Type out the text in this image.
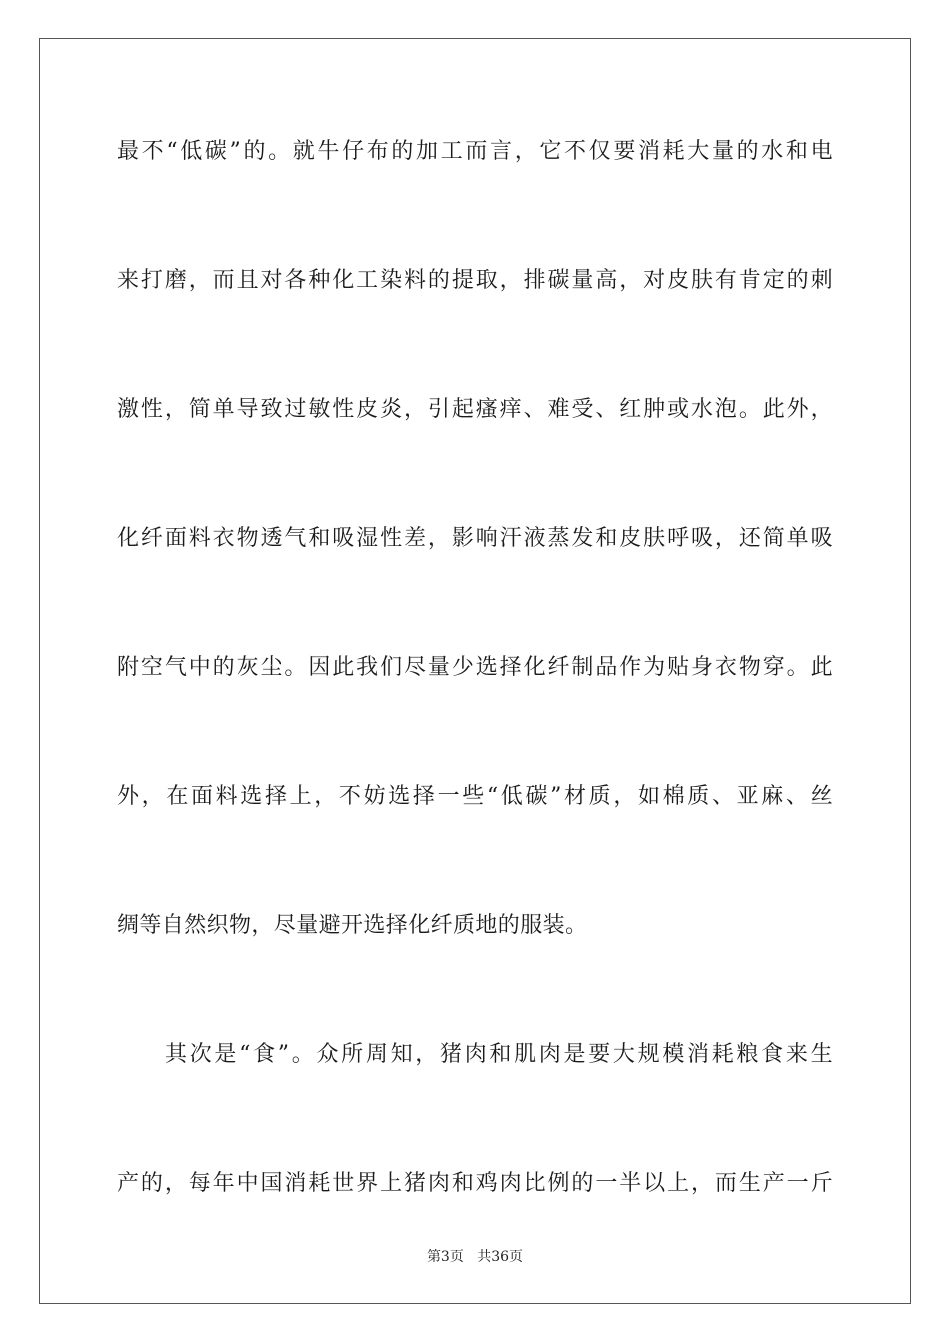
最不“低碳”的。就牛仔布的加工而言，它不仅要消耗大量的水和电
来打磨，而且对各种化工染料的提取，排碳量高，对皮肤有肯定的刺
激性，简单导致过敏性皮炎，引起瘙痒、难受、红肿或水泡。此外，
化纤面料衣物透气和吸湿性差，影响汗液蒸发和皮肤呼吸，还简单吸
附空气中的灰尘。因此我们尽量少选择化纤制品作为贴身衣物穿。此
外，在面料选择上，不妨选择一些“低碳”材质，如棉质、亚麻、丝
绸等自然织物，尽量避开选择化纤质地的服装。
其次是“食”。众所周知，猪肉和肌肉是要大规模消耗粮食来生
产的，每年中国消耗世界上猪肉和鸡肉比例的一半以上，而生产一斤
第3页 共36页
